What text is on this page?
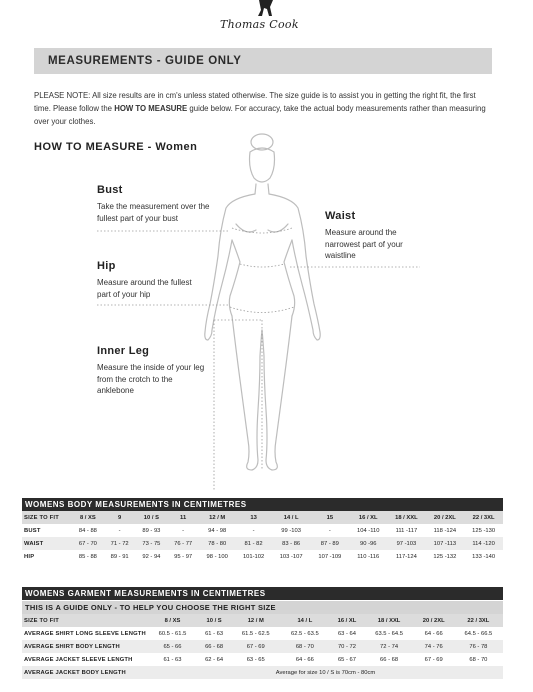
Thomas Cook
MEASUREMENTS - GUIDE ONLY
PLEASE NOTE: All size results are in cm's unless stated otherwise. The size guide is to assist you in getting the right fit, the first time. Please follow the HOW TO MEASURE guide below. For accuracy, take the actual body measurements rather than measuring over your clothes.
HOW TO MEASURE - Women
Bust
Take the measurement over the fullest part of your bust	Waist
Measure around the narrowest part of your waistline
Hip
Measure around the fullest part of your hip
Inner Leg
Measure the inside of your leg from the crotch to the anklebone
WOMENS BODY MEASUREMENTS IN CENTIMETRES
SIZE TO FIT	8 / XS	9	10 / S	11	12 / M	13	14 / L	15	16 / XL	18 / XXL	20 / 2XL	22 / 3XL
BUST	84 - 88	-	89 - 93	-	94 - 98	-	99 -103	-	104 -110	111 -117	118 -124	125 -130
WAIST	67 - 70	71 - 72	73 - 75	76 - 77	78 - 80	81 - 82	83 - 86	87 - 89	90 -96	97 -103	107 -113	114 -120
HIP	85 - 88	89 - 91	92 - 94	95 - 97	98 - 100	101-102	103 -107	107 -109	110 -116	117-124	125 -132	133 -140
WOMENS GARMENT MEASUREMENTS IN CENTIMETRES
THIS IS A GUIDE ONLY - TO HELP YOU CHOOSE THE RIGHT SIZE
SIZE TO FIT	8 / XS	10 / S	12 / M	14 / L	16 / XL	18 / XXL	20 / 2XL	22 / 3XL
AVERAGE SHIRT LONG SLEEVE LENGTH	60.5 - 61.5	61 - 63	61.5 - 62.5	62.5 - 63.5	63 - 64	63.5 - 64.5	64 - 66	64.5 - 66.5
AVERAGE SHIRT BODY LENGTH	65 - 66	66 - 68	67 - 69	68 - 70	70 - 72	72 - 74	74 - 76	76 - 78
AVERAGE JACKET SLEEVE LENGTH	61 - 63	62 - 64	63 - 65	64 - 66	65 - 67	66 - 68	67 - 69	68 - 70
AVERAGE JACKET BODY LENGTH	Average for size 10 / S is 70cm - 80cm							
